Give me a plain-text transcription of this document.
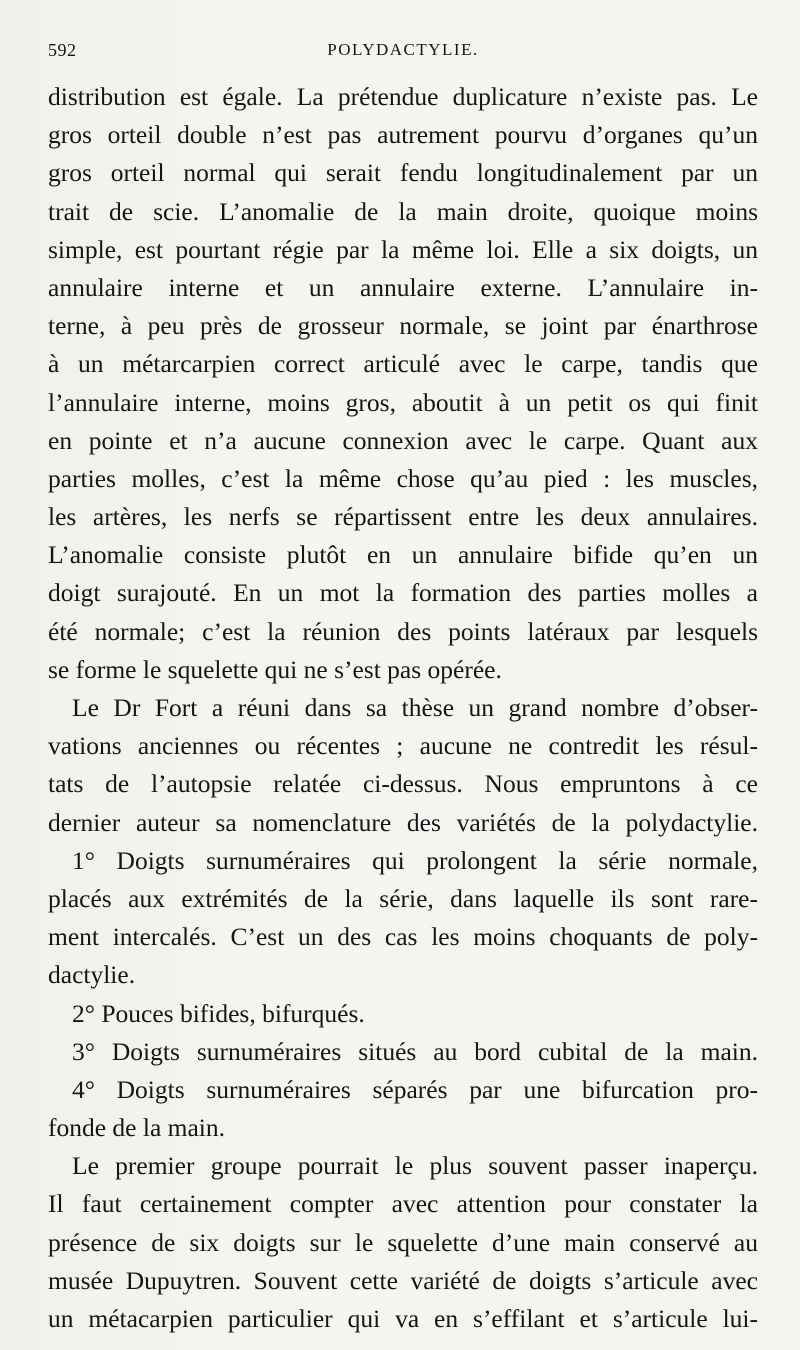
592	POLYDACTYLIE.
distribution est égale. La prétendue duplicature n’existe pas. Le
gros orteil double n’est pas autrement pourvu d’organes qu’un
gros orteil normal qui serait fendu longitudinalement par un
trait de scie. L’anomalie de la main droite, quoique moins
simple, est pourtant régie par la même loi. Elle a six doigts, un
annulaire interne et un annulaire externe. L’annulaire in-
terne, à peu près de grosseur normale, se joint par énarthrose
à un métarcarpien correct articulé avec le carpe, tandis que
l’annulaire interne, moins gros, aboutit à un petit os qui finit
en pointe et n’a aucune connexion avec le carpe. Quant aux
parties molles, c’est la même chose qu’au pied : les muscles,
les artères, les nerfs se répartissent entre les deux annulaires.
L’anomalie consiste plutôt en un annulaire bifide qu’en un
doigt surajouté. En un mot la formation des parties molles a
été normale; c’est la réunion des points latéraux par lesquels
se forme le squelette qui ne s’est pas opérée.
Le Dr Fort a réuni dans sa thèse un grand nombre d’obser-
vations anciennes ou récentes ; aucune ne contredit les résul-
tats de l’autopsie relatée ci-dessus. Nous empruntons à ce
dernier auteur sa nomenclature des variétés de la polydactylie.
1° Doigts surnuméraires qui prolongent la série normale,
placés aux extrémités de la série, dans laquelle ils sont rare-
ment intercalés. C’est un des cas les moins choquants de poly-
dactylie.
2° Pouces bifides, bifurqués.
3° Doigts surnuméraires situés au bord cubital de la main.
4° Doigts surnuméraires séparés par une bifurcation pro-
fonde de la main.
Le premier groupe pourrait le plus souvent passer inaperçu.
Il faut certainement compter avec attention pour constater la
présence de six doigts sur le squelette d’une main conservé au
musée Dupuytren. Souvent cette variété de doigts s’articule avec
un métacarpien particulier qui va en s’effilant et s’articule lui-
